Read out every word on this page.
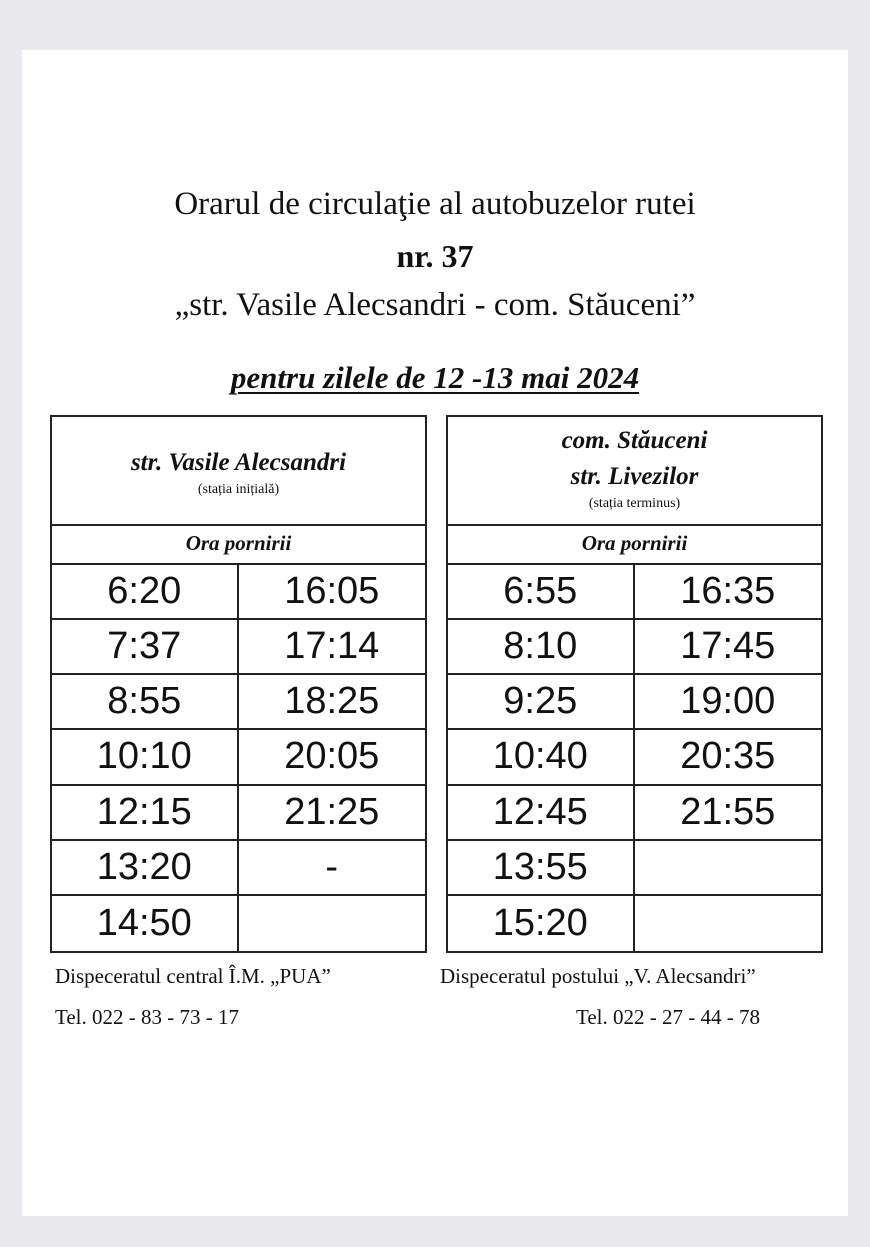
Orarul de circulaţie al autobuzelor rutei
nr. 37
„str. Vasile Alecsandri - com. Stăuceni”
pentru zilele de 12 -13 mai 2024
str. Vasile Alecsandri
(stația inițială)
Ora pornirii
6:20	16:05
7:37	17:14
8:55	18:25
10:10	20:05
12:15	21:25
13:20	-
14:50
com. Stăuceni
str. Livezilor
(stația terminus)
Ora pornirii
6:55	16:35
8:10	17:45
9:25	19:00
10:40	20:35
12:45	21:55
13:55
15:20
Dispeceratul central Î.M. „PUA”
Tel. 022 - 83 - 73 - 17
Dispeceratul postului „V. Alecsandri”
Tel. 022 - 27 - 44 - 78
